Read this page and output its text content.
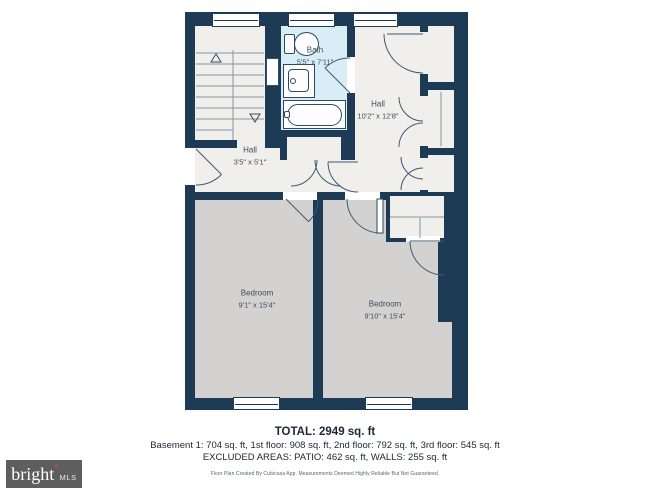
Bath
5'5" x 7'11"
Hall
10'2" x 12'8"
Hall
3'5" x 5'1"
Bedroom
9'1" x 15'4"	Bedroom
9'10" x 15'4"
TOTAL: 2949 sq. ft
Basement 1: 704 sq. ft, 1st floor: 908 sq. ft, 2nd floor: 792 sq. ft, 3rd floor: 545 sq. ft
EXCLUDED AREAS: PATIO: 462 sq. ft, WALLS: 255 sq. ft
Floor Plan Created By Cubicasa App. Measurements Deemed Highly Reliable But Not Guaranteed.
bright *
MLS
